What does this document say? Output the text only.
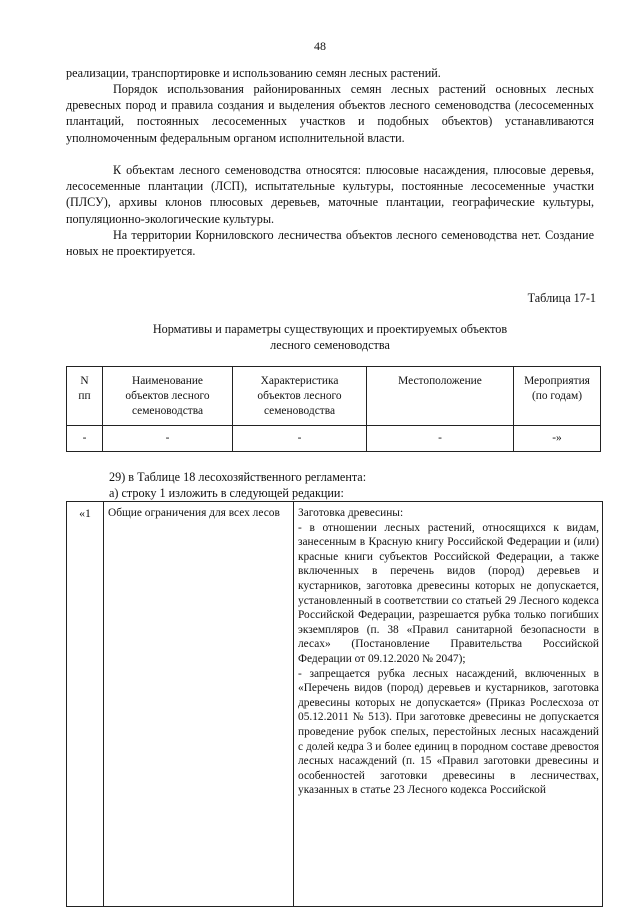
48
реализации, транспортировке и использованию семян лесных растений.
Порядок использования районированных семян лесных растений основных лесных древесных пород и правила создания и выделения объектов лесного семеноводства (лесосеменных плантаций, постоянных лесосеменных участков и подобных объектов) устанавливаются уполномоченным федеральным органом исполнительной власти.
К объектам лесного семеноводства относятся: плюсовые насаждения, плюсовые деревья, лесосеменные плантации (ЛСП), испытательные культуры, постоянные лесосеменные участки (ПЛСУ), архивы клонов плюсовых деревьев, маточные плантации, географические культуры, популяционно-экологические культуры.
На территории Корниловского лесничества объектов лесного семеноводства нет. Создание новых не проектируется.
Таблица 17-1
Нормативы и параметры существующих и проектируемых объектов
лесного семеноводства
N
пп	Наименование объектов лесного семеноводства	Характеристика объектов лесного семеноводства	Местоположение	Мероприятия (по годам)
-	-	-	-	-»
29) в Таблице 18 лесохозяйственного регламента:
а) строку 1 изложить в следующей редакции:
«1	Общие ограничения для всех лесов	Заготовка древесины:
- в отношении лесных растений, относящихся к видам, занесенным в Красную книгу Российской Федерации и (или) красные книги субъектов Российской Федерации, а также включенных в перечень видов (пород) деревьев и кустарников, заготовка древесины которых не допускается, установленный в соответствии со статьей 29 Лесного кодекса Российской Федерации, разрешается рубка только погибших экземпляров (п. 38 «Правил санитарной безопасности в лесах» (Постановление Правительства Российской Федерации от 09.12.2020 № 2047);
- запрещается рубка лесных насаждений, включенных в «Перечень видов (пород) деревьев и кустарников, заготовка древесины которых не допускается» (Приказ Рослесхоза от 05.12.2011 № 513). При заготовке древесины не допускается проведение рубок спелых, перестойных лесных насаждений с долей кедра 3 и более единиц в породном составе древостоя лесных насаждений (п. 15 «Правил заготовки древесины и особенностей заготовки древесины в лесничествах, указанных в статье 23 Лесного кодекса Российской
